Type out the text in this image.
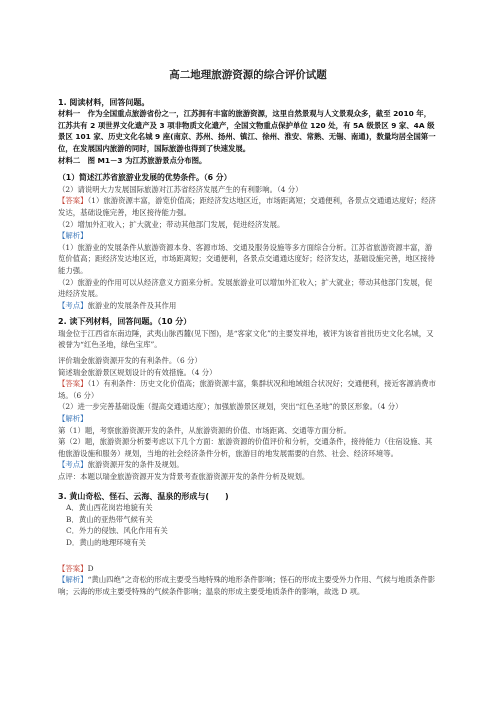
高二地理旅游资源的综合评价试题

1. 阅读材料，回答问题。

材料一　作为全国重点旅游省份之一，江苏拥有丰富的旅游资源，这里自然景观与人文景观众多，截至 2010 年，江苏共有 2 项世界文化遗产及 3 项非物质文化遗产，全国文物重点保护单位 120 处，有 5A 级景区 9 家、4A 级景区 101 家、历史文化名城 9 座(南京、苏州、扬州、镇江、徐州、淮安、常熟、无锡、南通)，数量均居全国第一位，在发展国内旅游的同时，国际旅游也得到了快速发展。

材料二　图 M1－3 为江苏旅游景点分布图。

（1）简述江苏省旅游业发展的优势条件。（6 分）

（2）请说明大力发展国际旅游对江苏省经济发展产生的有利影响。（4 分）

【答案】（1）旅游资源丰富，游览价值高；距经济发达地区近，市场距离短；交通便利，各景点交通通达度好；经济发达，基础设施完善，地区接待能力强。

（2）增加外汇收入；扩大就业；带动其他部门发展，促进经济发展。

【解析】

（1）旅游业的发展条件从旅游资源本身、客源市场、交通及服务设施等多方面综合分析。江苏省旅游资源丰富，游览价值高；距经济发达地区近，市场距离短；交通便利，各景点交通通达度好；经济发达，基础设施完善，地区接待能力强。

（2）旅游业的作用可以从经济意义方面来分析。发展旅游业可以增加外汇收入；扩大就业；带动其他部门发展，促进经济发展。

【考点】旅游业的发展条件及其作用

2. 读下列材料，回答问题。（10 分）

瑞金位于江西省东南边陲，武夷山脉西麓(见下图)，是“客家文化”的主要发祥地，被评为该省首批历史文化名城，又被誉为“红色圣地，绿色宝库”。

评价瑞金旅游资源开发的有利条件。（6 分）

简述瑞金旅游景区规划设计的有效措施。（4 分）

【答案】（1）有利条件：历史文化价值高；旅游资源丰富，集群状况和地域组合状况好；交通便利，接近客源消费市场。（6 分）

（2）进一步完善基础设施（提高交通通达度）；加强旅游景区规划，突出“红色圣地”的景区形象。（4 分）

【解析】

第（1）题，考察旅游资源开发的条件，从旅游资源的价值、市场距离、交通等方面分析。

第（2）题，旅游资源分析要考虑以下几个方面：旅游资源的价值评价和分析，交通条件，接待能力（住宿设施、其他旅游设施和服务）规划，当地的社会经济条件分析，旅游目的地发展需要的自然、社会、经济环境等。

【考点】旅游资源开发的条件及规划。

点评：本题以瑞金旅游资源开发为背景考查旅游资源开发的条件分析及规划。

3. 黄山奇松、怪石、云海、温泉的形成与(　　)

A．黄山西花岗岩地貌有关

B．黄山的亚热带气候有关

C．外力的侵蚀、风化作用有关

D．黄山的地理环境有关

【答案】D

【解析】“黄山四绝”之奇松的形成主要受当地特殊的地形条件影响；怪石的形成主要受外力作用、气候与地质条件影响；云海的形成主要受特殊的气候条件影响；温泉的形成主要受地质条件的影响，故选 D 项。
